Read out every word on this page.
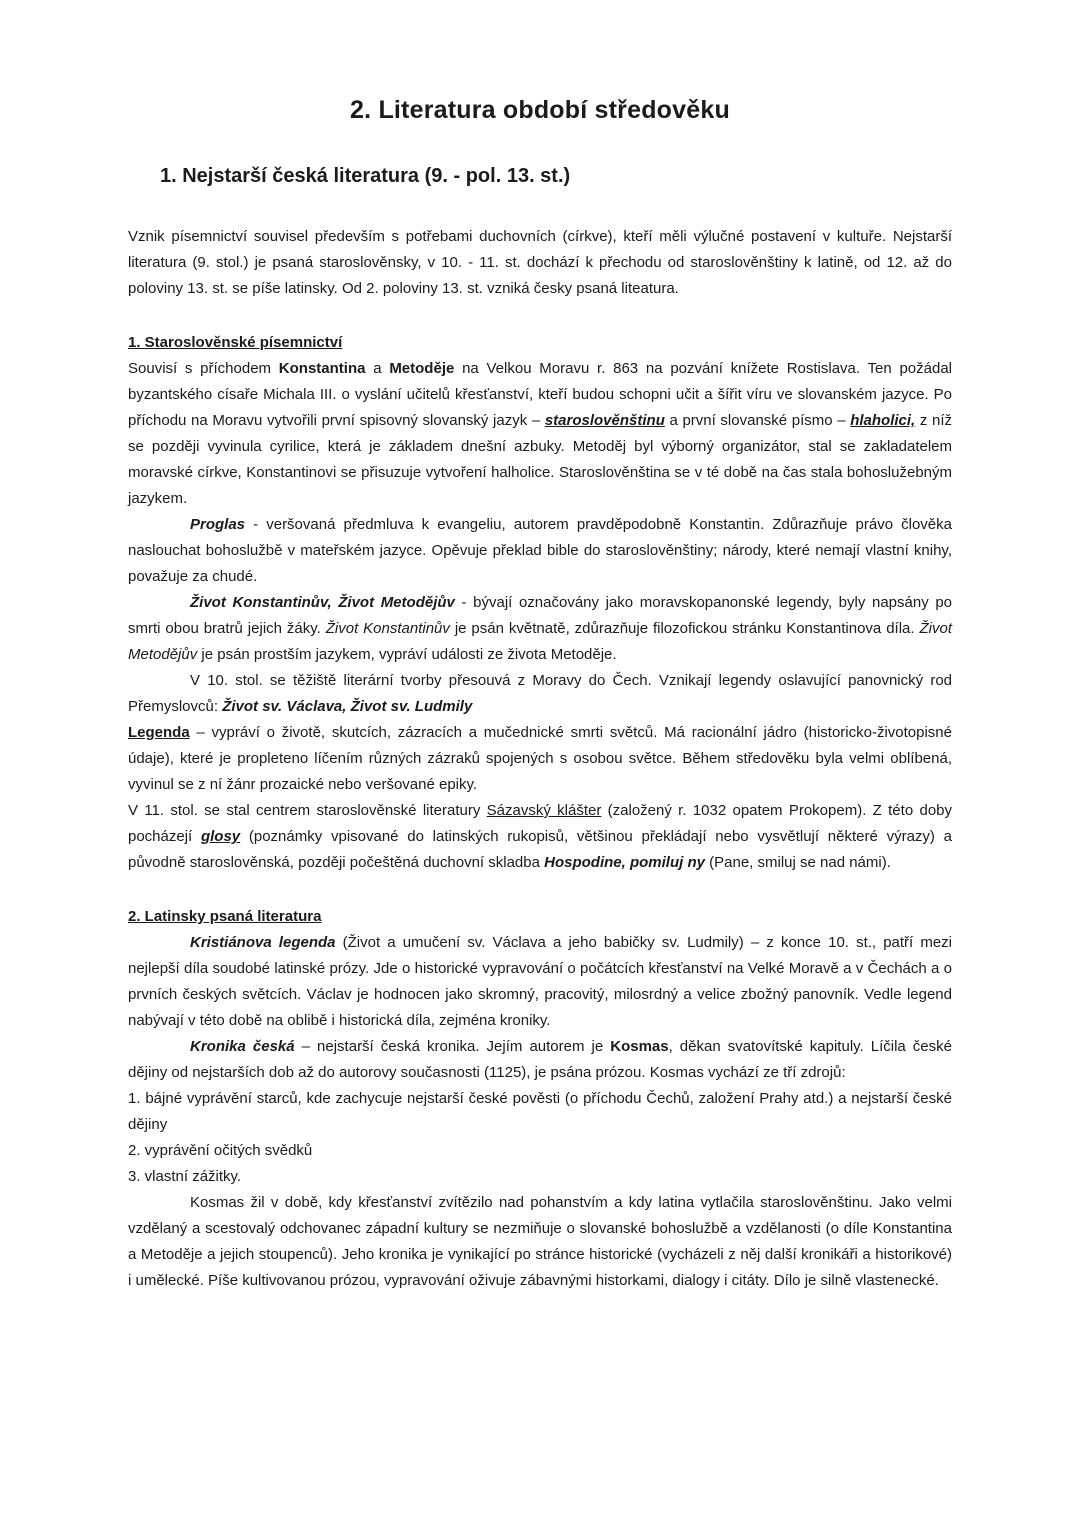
2. Literatura období středověku
1. Nejstarší česká literatura (9. - pol. 13. st.)
Vznik písemnictví souvisel především s potřebami duchovních (církve), kteří měli výlučné postavení v kultuře. Nejstarší literatura (9. stol.) je psaná staroslověnsky, v 10. - 11. st. dochází k přechodu od staroslověnštiny k latině, od 12. až do poloviny 13. st. se píše latinsky. Od 2. poloviny 13. st. vzniká česky psaná liteatura.
1. Staroslověnské písemnictví
Souvisí s příchodem Konstantina a Metoděje na Velkou Moravu r. 863 na pozvání knížete Rostislava. Ten požádal byzantského císaře Michala III. o vyslání učitelů křesťanství, kteří budou schopni učit a šířit víru ve slovanském jazyce. Po příchodu na Moravu vytvořili první spisovný slovanský jazyk – staroslověnštinu a první slovanské písmo – hlaholici, z níž se později vyvinula cyrilice, která je základem dnešní azbuky. Metoděj byl výborný organizátor, stal se zakladatelem moravské církve, Konstantinovi se přisuzuje vytvoření halholice. Staroslověnština se v té době na čas stala bohoslužebným jazykem.
Proglas - veršovaná předmluva k evangeliu, autorem pravděpodobně Konstantin. Zdůrazňuje právo člověka naslouchat bohoslužbě v mateřském jazyce. Opěvuje překlad bible do staroslověnštiny; národy, které nemají vlastní knihy, považuje za chudé.
Život Konstantinův, Život Metodějův - bývají označovány jako moravskopanonské legendy, byly napsány po smrti obou bratrů jejich žáky. Život Konstantinův je psán květnatě, zdůrazňuje filozofickou stránku Konstantinova díla. Život Metodějův je psán prostším jazykem, vypráví události ze života Metoděje.
V 10. stol. se těžiště literární tvorby přesouvá z Moravy do Čech. Vznikají legendy oslavující panovnický rod Přemyslovců: Život sv. Václava, Život sv. Ludmily
Legenda – vypráví o životě, skutcích, zázracích a mučednické smrti světců. Má racionální jádro (historicko-životopisné údaje), které je propleteno líčením různých zázraků spojených s osobou světce. Během středověku byla velmi oblíbená, vyvinul se z ní žánr prozaické nebo veršované epiky.
V 11. stol. se stal centrem staroslověnské literatury Sázavský klášter (založený r. 1032 opatem Prokopem). Z této doby pocházejí glosy (poznámky vpisované do latinských rukopisů, většinou překládají nebo vysvětlují některé výrazy) a původně staroslověnská, později počeštěná duchovní skladba Hospodine, pomiluj ny (Pane, smiluj se nad námi).
2. Latinsky psaná literatura
Kristiánova legenda (Život a umučení sv. Václava a jeho babičky sv. Ludmily) – z konce 10. st., patří mezi nejlepší díla soudobé latinské prózy. Jde o historické vypravování o počátcích křesťanství na Velké Moravě a v Čechách a o prvních českých světcích. Václav je hodnocen jako skromný, pracovitý, milosrdný a velice zbožný panovník. Vedle legend nabývají v této době na oblibě i historická díla, zejména kroniky.
Kronika česká – nejstarší česká kronika. Jejím autorem je Kosmas, děkan svatovítské kapituly. Líčila české dějiny od nejstarších dob až do autorovy současnosti (1125), je psána prózou. Kosmas vychází ze tří zdrojů:
1. bájné vyprávění starců, kde zachycuje nejstarší české pověsti (o příchodu Čechů, založení Prahy atd.) a nejstarší české dějiny
2. vyprávění očitých svědků
3. vlastní zážitky.
Kosmas žil v době, kdy křesťanství zvítězilo nad pohanstvím a kdy latina vytlačila staroslověnštinu. Jako velmi vzdělaný a scestovalý odchovanec západní kultury se nezmiňuje o slovanské bohoslužbě a vzdělanosti (o díle Konstantina a Metoděje a jejich stoupenců). Jeho kronika je vynikající po stránce historické (vycházeli z něj další kronikáři a historikové) i umělecké. Píše kultivovanou prózou, vypravování oživuje zábavnými historkami, dialogy i citáty. Dílo je silně vlastenecké.
